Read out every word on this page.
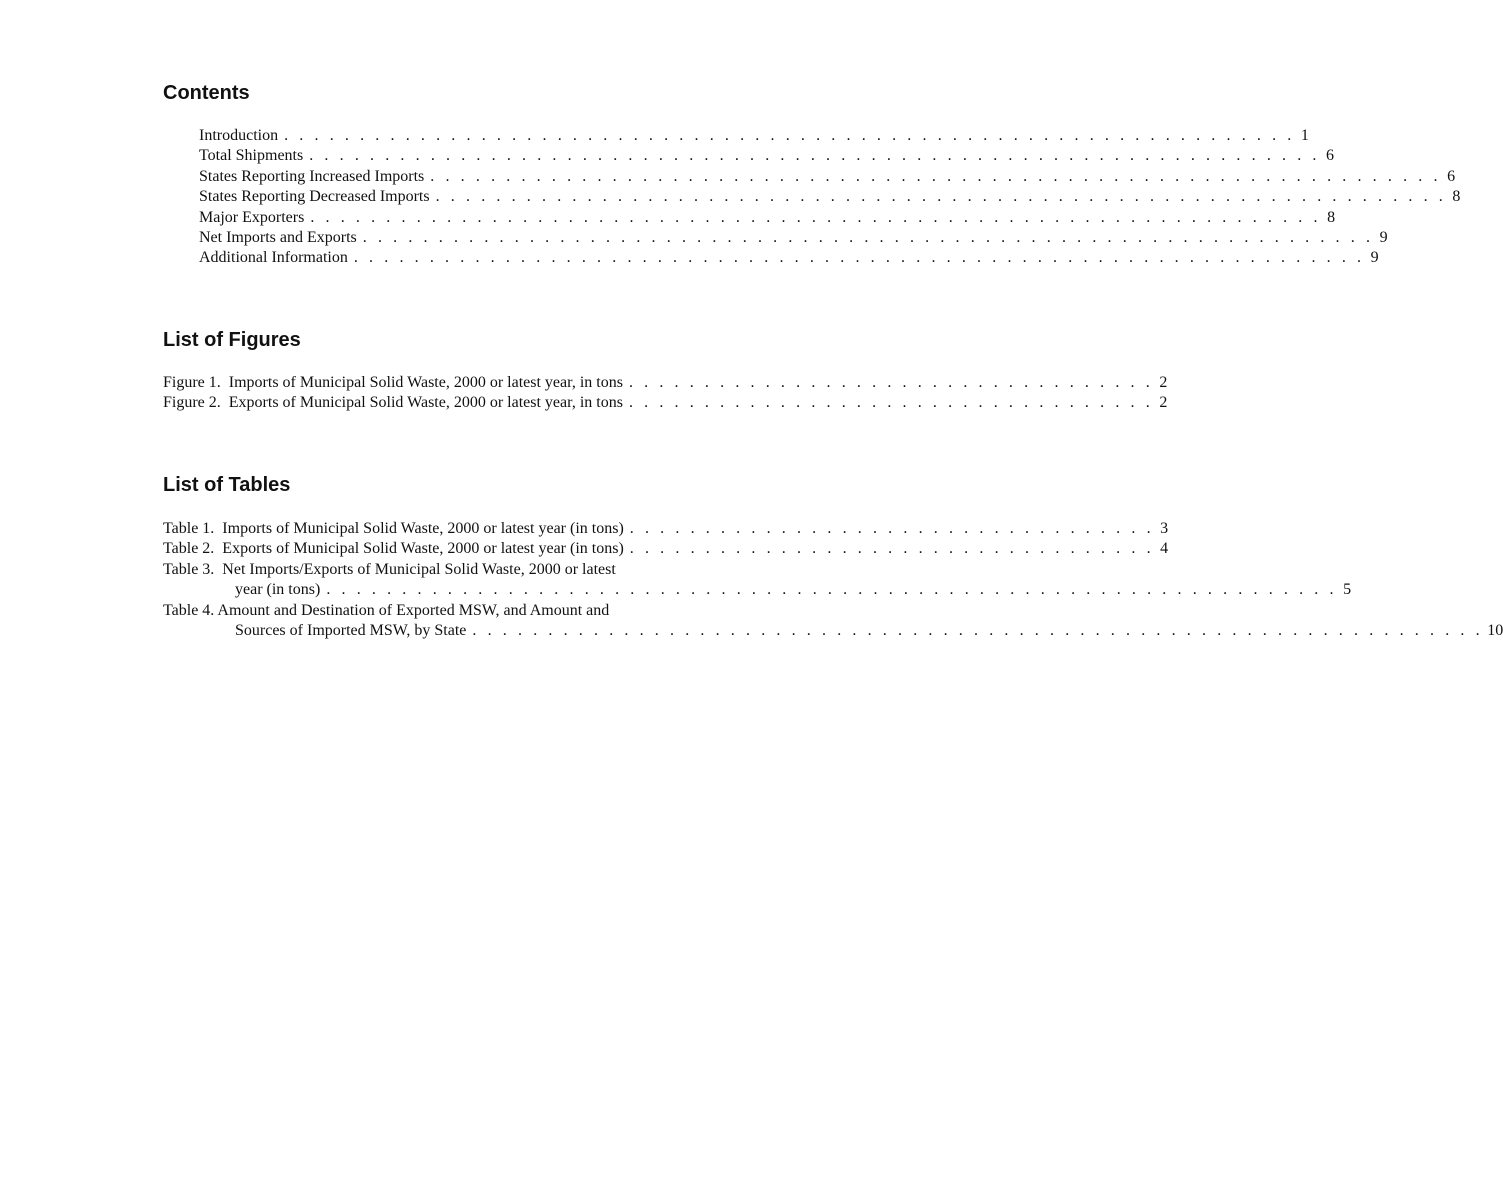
Contents
Introduction . . . . . . . . . . . . . . . . . . . . . . . . . . . . . . . . . . . . . . . . . . . . . . . . . . . . . . . . . . . . . . . . . . . 1
Total Shipments . . . . . . . . . . . . . . . . . . . . . . . . . . . . . . . . . . . . . . . . . . . . . . . . . . . . . . . . . . . . . . . . . . . 6
States Reporting Increased Imports . . . . . . . . . . . . . . . . . . . . . . . . . . . . . . . . . . . . . . . . . . . . . . . . . . . . . . . . . . . . . . . . . . . 6
States Reporting Decreased Imports . . . . . . . . . . . . . . . . . . . . . . . . . . . . . . . . . . . . . . . . . . . . . . . . . . . . . . . . . . . . . . . . . . . 8
Major Exporters . . . . . . . . . . . . . . . . . . . . . . . . . . . . . . . . . . . . . . . . . . . . . . . . . . . . . . . . . . . . . . . . . . . 8
Net Imports and Exports . . . . . . . . . . . . . . . . . . . . . . . . . . . . . . . . . . . . . . . . . . . . . . . . . . . . . . . . . . . . . . . . . . . 9
Additional Information . . . . . . . . . . . . . . . . . . . . . . . . . . . . . . . . . . . . . . . . . . . . . . . . . . . . . . . . . . . . . . . . . . . 9
List of Figures
Figure 1.  Imports of Municipal Solid Waste, 2000 or latest year, in tons . . . . . . . . . . . . . . . . . . . . . . . . . . . . . . . . . . . 2
Figure 2.  Exports of Municipal Solid Waste, 2000 or latest year, in tons . . . . . . . . . . . . . . . . . . . . . . . . . . . . . . . . . . . 2
List of Tables
Table 1.  Imports of Municipal Solid Waste, 2000 or latest year (in tons) . . . . . . . . . . . . . . . . . . . . . . . . . . . . . . . . . . . 3
Table 2.  Exports of Municipal Solid Waste, 2000 or latest year (in tons) . . . . . . . . . . . . . . . . . . . . . . . . . . . . . . . . . . . 4
Table 3.  Net Imports/Exports of Municipal Solid Waste, 2000 or latest
year (in tons) . . . . . . . . . . . . . . . . . . . . . . . . . . . . . . . . . . . . . . . . . . . . . . . . . . . . . . . . . . . . . . . . . . . 5
Table 4. Amount and Destination of Exported MSW, and Amount and
Sources of Imported MSW, by State . . . . . . . . . . . . . . . . . . . . . . . . . . . . . . . . . . . . . . . . . . . . . . . . . . . . . . . . . . . . . . . . . . . 10
